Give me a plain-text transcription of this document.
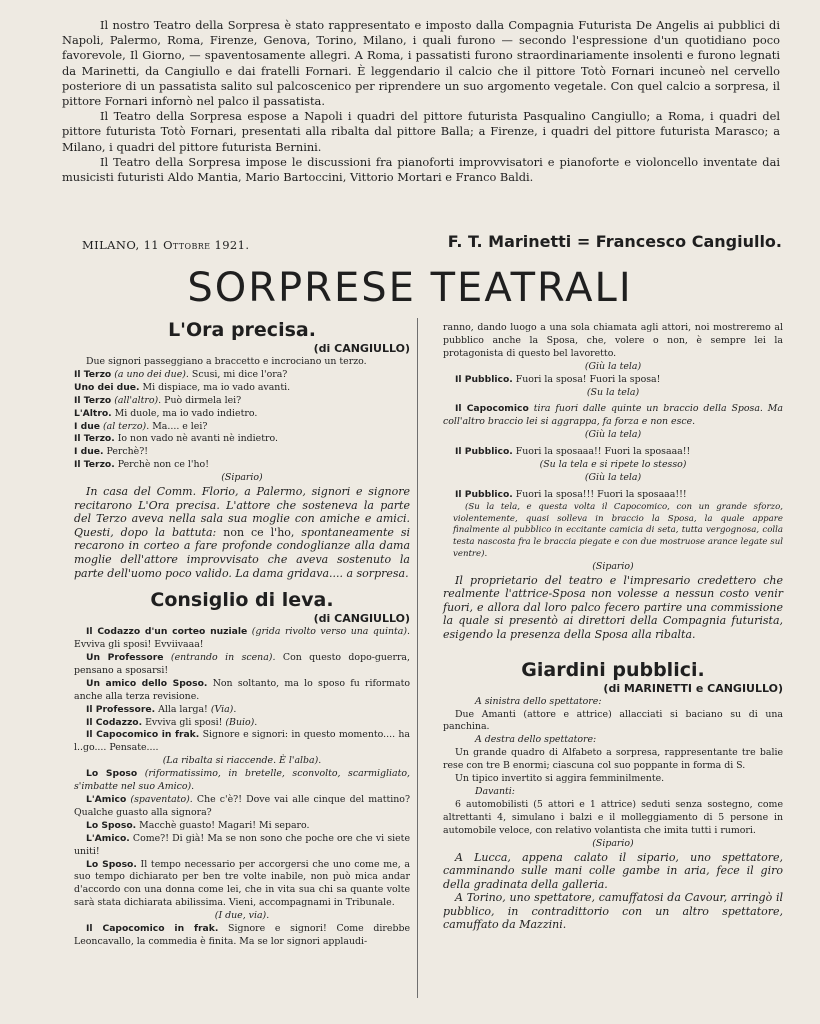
Il nostro Teatro della Sorpresa è stato rappresentato e imposto dalla Compagnia Futurista De Angelis ai pubblici di Napoli, Palermo, Roma, Firenze, Genova, Torino, Milano, i quali furono — secondo l'espressione d'un quotidiano poco favorevole, Il Giorno, — spaventosamente allegri. A Roma, i passatisti furono straordinariamente insolenti e furono legnati da Marinetti, da Cangiullo e dai fratelli Fornari. È leggendario il calcio che il pittore Totò Fornari incuneò nel cervello posteriore di un passatista salito sul palcoscenico per riprendere un suo argomento vegetale. Con quel calcio a sorpresa, il pittore Fornari infornò nel palco il passatista.

Il Teatro della Sorpresa espose a Napoli i quadri del pittore futurista Pasqualino Cangiullo; a Roma, i quadri del pittore futurista Totò Fornari, presentati alla ribalta dal pittore Balla; a Firenze, i quadri del pittore futurista Marasco; a Milano, i quadri del pittore futurista Bernini.

Il Teatro della Sorpresa impose le discussioni fra pianoforti improvvisatori e pianoforte e violoncello inventate dai musicisti futuristi Aldo Mantia, Mario Bartoccini, Vittorio Mortari e Franco Baldi.

MILANO, 11 Ottobre 1921.	F. T. Marinetti = Francesco Cangiullo.
SORPRESE TEATRALI
L'Ora precisa.

(di CANGIULLO)

Due signori passeggiano a braccetto e incrociano un terzo.

Il Terzo (a uno dei due). Scusi, mi dice l'ora?

Uno dei due. Mi dispiace, ma io vado avanti.

Il Terzo (all'altro). Può dirmela lei?

L'Altro. Mi duole, ma io vado indietro.

I due (al terzo). Ma.... e lei?

Il Terzo. Io non vado nè avanti nè indietro.

I due. Perchè?!

Il Terzo. Perchè non ce l'ho!

(Sipario)

In casa del Comm. Florio, a Palermo, signori e signore recitarono L'Ora precisa. L'attore che sosteneva la parte del Terzo aveva nella sala sua moglie con amiche e amici. Questi, dopo la battuta: non ce l'ho, spontaneamente si recarono in corteo a fare profonde condoglianze alla dama moglie dell'attore improvvisato che aveva sostenuto la parte dell'uomo poco valido. La dama gridava.... a sorpresa.

Consiglio di leva.

(di CANGIULLO)

Il Codazzo d'un corteo nuziale (grida rivolto verso una quinta). Evviva gli sposi! Evviivaaa!

Un Professore (entrando in scena). Con questo dopo-guerra, pensano a sposarsi!

Un amico dello Sposo. Non soltanto, ma lo sposo fu riformato anche alla terza revisione.

Il Professore. Alla larga! (Via).

Il Codazzo. Evviva gli sposi! (Buio).

Il Capocomico in frak. Signore e signori: in questo momento.... ha l..go.... Pensate....

(La ribalta si riaccende. È l'alba).

Lo Sposo (riformatissimo, in bretelle, sconvolto, scarmigliato, s'imbatte nel suo Amico).

L'Amico (spaventato). Che c'è?! Dove vai alle cinque del mattino? Qualche guasto alla signora?

Lo Sposo. Macchè guasto! Magari! Mi separo.

L'Amico. Come?! Di già! Ma se non sono che poche ore che vi siete uniti!

Lo Sposo. Il tempo necessario per accorgersi che uno come me, a suo tempo dichiarato per ben tre volte inabile, non può mica andar d'accordo con una donna come lei, che in vita sua chi sa quante volte sarà stata dichiarata abilissima. Vieni, accompagnami in Tribunale.

(I due, via).

Il Capocomico in frak. Signore e signori! Come direbbe Leoncavallo, la commedia è finita. Ma se lor signori applaudi-

ranno, dando luogo a una sola chiamata agli attori, noi mostreremo al pubblico anche la Sposa, che, volere o non, è sempre lei la protagonista di questo bel lavoretto.

(Giù la tela)

Il Pubblico. Fuori la sposa! Fuori la sposa!

(Su la tela)

Il Capocomico tira fuori dalle quinte un braccio della Sposa. Ma coll'altro braccio lei si aggrappa, fa forza e non esce.

(Giù la tela)

Il Pubblico. Fuori la sposaaa!! Fuori la sposaaa!!

(Su la tela e si ripete lo stesso)

(Giù la tela)

Il Pubblico. Fuori la sposa!!! Fuori la sposaaa!!!

(Su la tela, e questa volta il Capocomico, con un grande sforzo, violentemente, quasi solleva in braccio la Sposa, la quale appare finalmente al pubblico in eccitante camicia di seta, tutta vergognosa, colla testa nascosta fra le braccia piegate e con due mostruose arance legate sul ventre).

(Sipario)

Il proprietario del teatro e l'impresario credettero che realmente l'attrice-Sposa non volesse a nessun costo venir fuori, e allora dal loro palco fecero partire una commissione la quale si presentò ai direttori della Compagnia futurista, esigendo la presenza della Sposa alla ribalta.

Giardini pubblici.

(di MARINETTI e CANGIULLO)

A sinistra dello spettatore:

Due Amanti (attore e attrice) allacciati si baciano su di una panchina.

A destra dello spettatore:

Un grande quadro di Alfabeto a sorpresa, rappresentante tre balie rese con tre B enormi; ciascuna col suo poppante in forma di S.

Un tipico invertito si aggira femminilmente.

Davanti:

6 automobilisti (5 attori e 1 attrice) seduti senza sostegno, come altrettanti 4, simulano i balzi e il molleggiamento di 5 persone in automobile veloce, con relativo volantista che imita tutti i rumori.

(Sipario)

A Lucca, appena calato il sipario, uno spettatore, camminando sulle mani colle gambe in aria, fece il giro della gradinata della galleria.

A Torino, uno spettatore, camuffatosi da Cavour, arringò il pubblico, in contradittorio con un altro spettatore, camuffato da Mazzini.
